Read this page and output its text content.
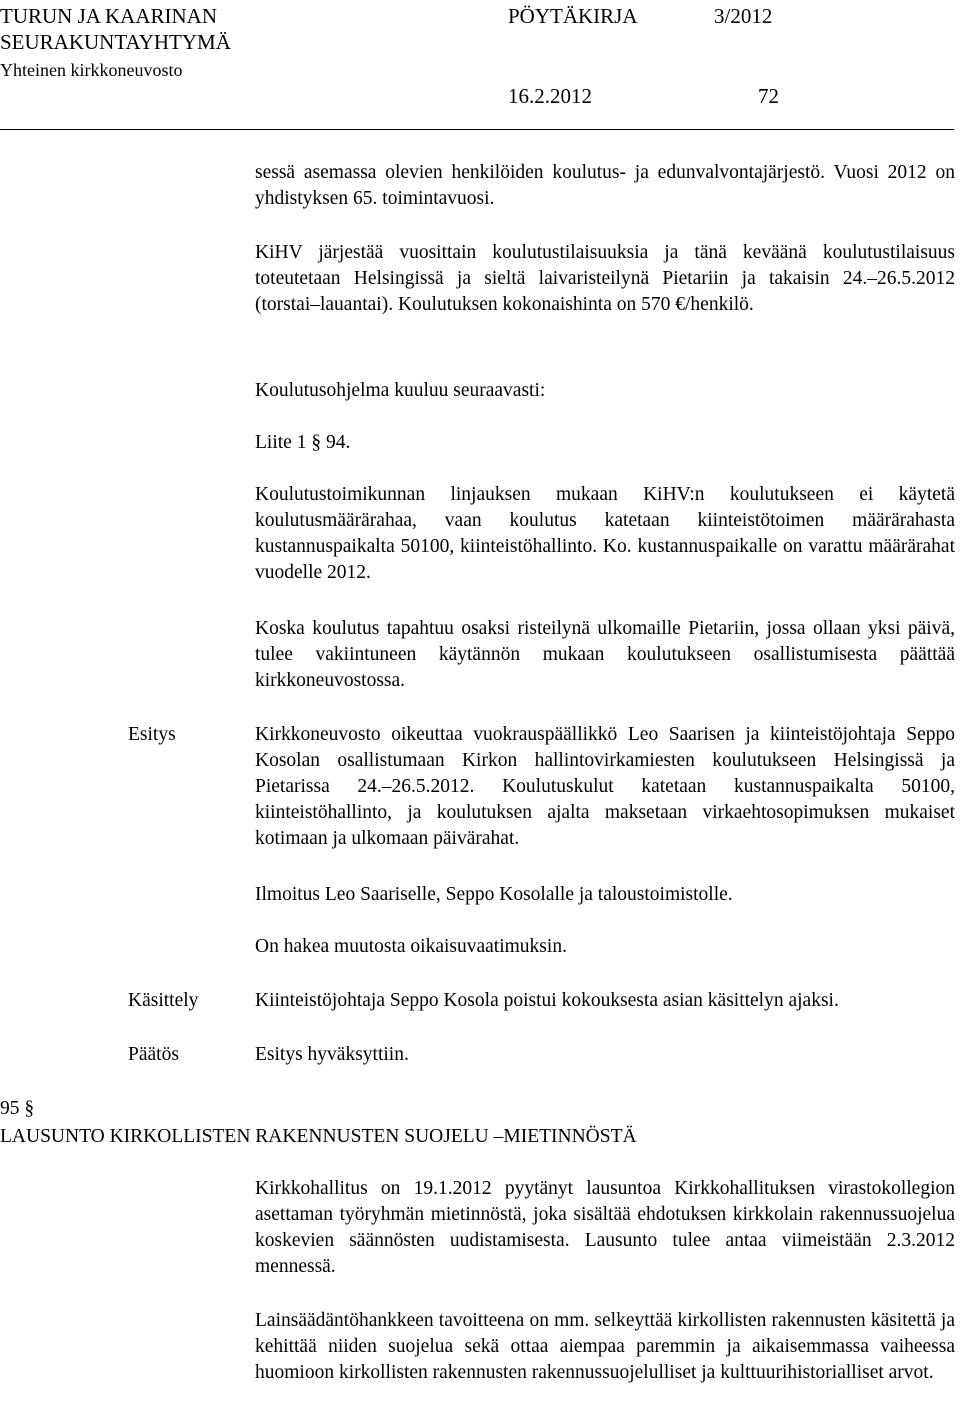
TURUN JA KAARINAN
SEURAKUNTAYHTYMÄ
Yhteinen kirkkoneuvosto
PÖYTÄKIRJA	3/2012
16.2.2012	72
sessä asemassa olevien henkilöiden koulutus- ja edunvalvontajärjestö. Vuosi 2012 on yhdistyksen 65. toimintavuosi.
KiHV järjestää vuosittain koulutustilaisuuksia ja tänä keväänä koulutustilaisuus toteutetaan Helsingissä ja sieltä laivaristeilynä Pietariin ja takaisin 24.–26.5.2012 (torstai–lauantai). Koulutuksen kokonaishinta on 570 €/henkilö.
Koulutusohjelma kuuluu seuraavasti:
Liite 1 § 94.
Koulutustoimikunnan linjauksen mukaan KiHV:n koulutukseen ei käytetä koulutusmäärärahaa, vaan koulutus katetaan kiinteistötoimen määrärahasta kustannuspaikalta 50100, kiinteistöhallinto. Ko. kustannuspaikalle on varattu määrärahat vuodelle 2012.
Koska koulutus tapahtuu osaksi risteilynä ulkomaille Pietariin, jossa ollaan yksi päivä, tulee vakiintuneen käytännön mukaan koulutukseen osallistumisesta päättää kirkkoneuvostossa.
Esitys	Kirkkoneuvosto oikeuttaa vuokrauspäällikkö Leo Saarisen ja kiinteistöjohtaja Seppo Kosolan osallistumaan Kirkon hallintovirkamiesten koulutukseen Helsingissä ja Pietarissa 24.–26.5.2012. Koulutuskulut katetaan kustannuspaikalta 50100, kiinteistöhallinto, ja koulutuksen ajalta maksetaan virkaehtosopimuksen mukaiset kotimaan ja ulkomaan päivärahat.
Ilmoitus Leo Saariselle, Seppo Kosolalle ja taloustoimistolle.
On hakea muutosta oikaisuvaatimuksin.
Käsittely	Kiinteistöjohtaja Seppo Kosola poistui kokouksesta asian käsittelyn ajaksi.
Päätös	Esitys hyväksyttiin.
95 §
LAUSUNTO KIRKOLLISTEN RAKENNUSTEN SUOJELU –MIETINNÖSTÄ
Kirkkohallitus on 19.1.2012 pyytänyt lausuntoa Kirkkohallituksen virastokollegion asettaman työryhmän mietinnöstä, joka sisältää ehdotuksen kirkkolain rakennussuojelua koskevien säännösten uudistamisesta. Lausunto tulee antaa viimeistään 2.3.2012 mennessä.
Lainsäädäntöhankkeen tavoitteena on mm. selkeyttää kirkollisten rakennusten käsitettä ja kehittää niiden suojelua sekä ottaa aiempaa paremmin ja aikaisemmassa vaiheessa huomioon kirkollisten rakennusten rakennussuojelulliset ja kulttuurihistorialliset arvot.
